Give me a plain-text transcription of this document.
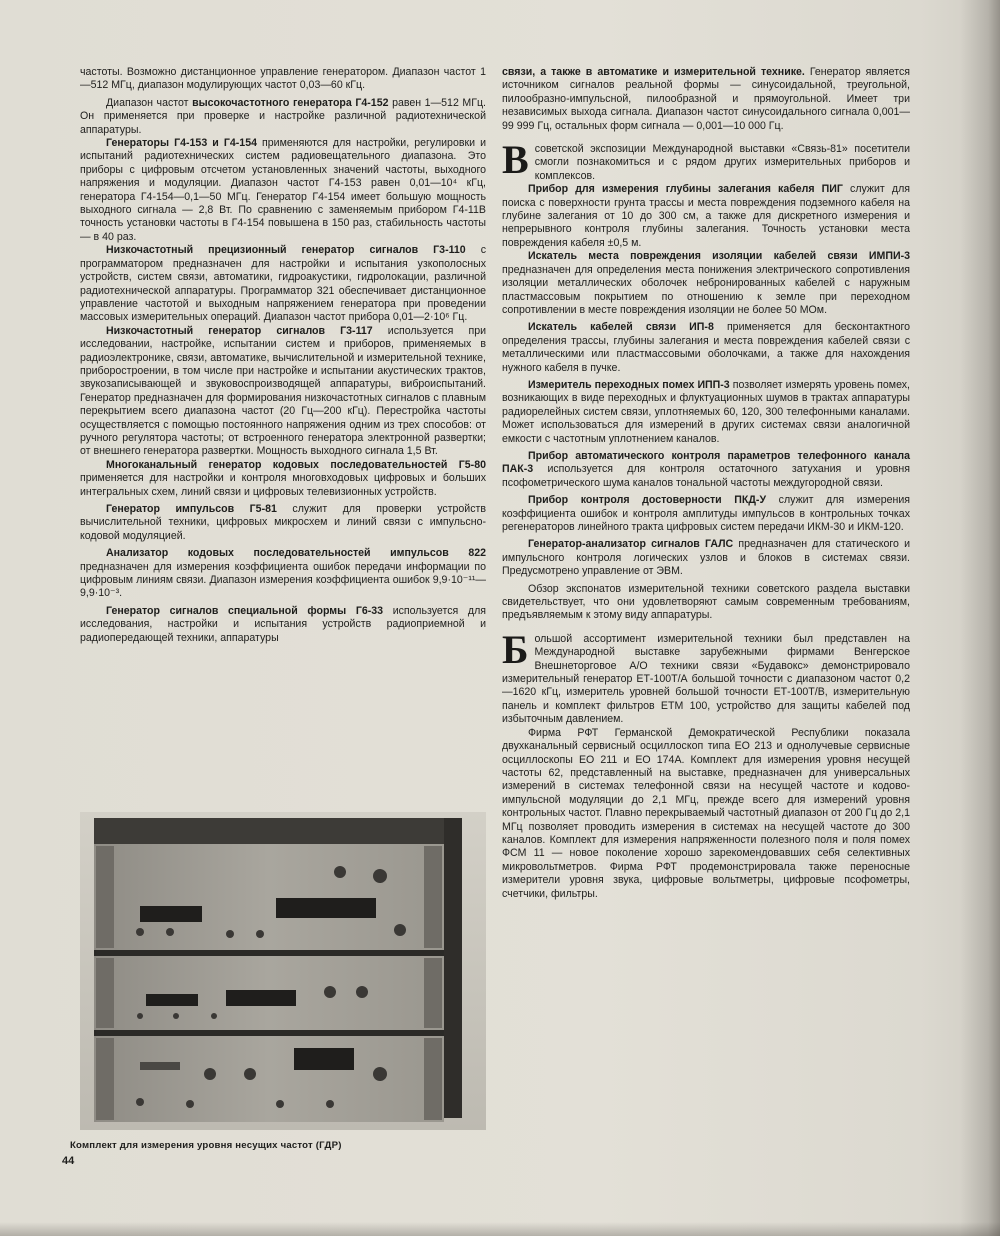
частоты. Возможно дистанционное управление генератором. Диапазон частот 1—512 МГц, диапазон модулирующих частот 0,03—60 кГц.

Диапазон частот высокочастотного генератора Г4-152 равен 1—512 МГц. Он применяется при проверке и настройке различной радиотехнической аппаратуры.

Генераторы Г4-153 и Г4-154 применяются для настройки, регулировки и испытаний радиотехнических систем радиовещательного диапазона. Это приборы с цифровым отсчетом установленных значений частоты, выходного напряжения и модуляции. Диапазон частот Г4-153 равен 0,01—10⁴ кГц, генератора Г4-154—0,1—50 МГц. Генератор Г4-154 имеет большую мощность выходного сигнала — 2,8 Вт. По сравнению с заменяемым прибором Г4-11В точность установки частоты в Г4-154 повышена в 150 раз, стабильность частоты — в 40 раз.

Низкочастотный прецизионный генератор сигналов Г3-110 с программатором предназначен для настройки и испытания узкополосных устройств, систем связи, автоматики, гидроакустики, гидролокации, различной радиотехнической аппаратуры. Программатор 321 обеспечивает дистанционное управление частотой и выходным напряжением генератора при проведении массовых измерительных операций. Диапазон частот прибора 0,01—2·10⁶ Гц.

Низкочастотный генератор сигналов Г3-117 используется при исследовании, настройке, испытании систем и приборов, применяемых в радиоэлектронике, связи, автоматике, вычислительной и измерительной технике, приборостроении, в том числе при настройке и испытании акустических трактов, звукозаписывающей и звуковоспроизводящей аппаратуры, виброиспытаний. Генератор предназначен для формирования низкочастотных сигналов с плавным перекрытием всего диапазона частот (20 Гц—200 кГц). Перестройка частоты осуществляется с помощью постоянного напряжения одним из трех способов: от ручного регулятора частоты; от встроенного генератора электронной развертки; от внешнего генератора развертки. Мощность выходного сигнала 1,5 Вт.

Многоканальный генератор кодовых последовательностей Г5-80 применяется для настройки и контроля многовходовых цифровых и больших интегральных схем, линий связи и цифровых телевизионных устройств.

Генератор импульсов Г5-81 служит для проверки устройств вычислительной техники, цифровых микросхем и линий связи с импульсно-кодовой модуляцией.

Анализатор кодовых последовательностей импульсов 822 предназначен для измерения коэффициента ошибок передачи информации по цифровым линиям связи. Диапазон измерения коэффициента ошибок 9,9·10⁻¹¹—9,9·10⁻³.

Генератор сигналов специальной формы Г6-33 используется для исследования, настройки и испытания устройств радиоприемной и радиопередающей техники, аппаратуры

связи, а также в автоматике и измерительной технике. Генератор является источником сигналов реальной формы — синусоидальной, треугольной, пилообразно-импульсной, пилообразной и прямоугольной. Имеет три независимых выхода сигнала. Диапазон частот синусоидального сигнала 0,001—99 999 Гц, остальных форм сигнала — 0,001—10 000 Гц.

Всоветской экспозиции Международной выставки «Связь-81» посетители смогли познакомиться и с рядом других измерительных приборов и комплексов.

Прибор для измерения глубины залегания кабеля ПИГ служит для поиска с поверхности грунта трассы и места повреждения подземного кабеля на глубине залегания от 10 до 300 см, а также для дискретного измерения и непрерывного контроля глубины залегания. Точность установки места повреждения кабеля ±0,5 м.

Искатель места повреждения изоляции кабелей связи ИМПИ-3 предназначен для определения места понижения электрического сопротивления изоляции металлических оболочек небронированных кабелей с наружным пластмассовым покрытием по отношению к земле при переходном сопротивлении в месте повреждения изоляции не более 50 МОм.

Искатель кабелей связи ИП-8 применяется для бесконтактного определения трассы, глубины залегания и места повреждения кабелей связи с металлическими или пластмассовыми оболочками, а также для нахождения нужного кабеля в пучке.

Измеритель переходных помех ИПП-3 позволяет измерять уровень помех, возникающих в виде переходных и флуктуационных шумов в трактах аппаратуры радиорелейных систем связи, уплотняемых 60, 120, 300 телефонными каналами. Может использоваться для измерений в других системах связи аналогичной емкости с частотным уплотнением каналов.

Прибор автоматического контроля параметров телефонного канала ПАК-3 используется для контроля остаточного затухания и уровня псофометрического шума каналов тональной частоты междугородной связи.

Прибор контроля достоверности ПКД-У служит для измерения коэффициента ошибок и контроля амплитуды импульсов в контрольных точках регенераторов линейного тракта цифровых систем передачи ИКМ-30 и ИКМ-120.

Генератор-анализатор сигналов ГАЛС предназначен для статического и импульсного контроля логических узлов и блоков в системах связи. Предусмотрено управление от ЭВМ.

Обзор экспонатов измерительной техники советского раздела выставки свидетельствует, что они удовлетворяют самым современным требованиям, предъявляемым к этому виду аппаратуры.

Большой ассортимент измерительной техники был представлен на Международной выставке зарубежными фирмами Венгерское Внешнеторговое А/О техники связи «Будавокс» демонстрировало измерительный генератор ЕТ-100Т/А большой точности с диапазоном частот 0,2—1620 кГц, измеритель уровней большой точности ЕТ-100Т/В, измерительную панель и комплект фильтров ЕТМ 100, устройство для защиты кабелей под избыточным давлением.

Фирма РФТ Германской Демократической Республики показала двухканальный сервисный осциллоскоп типа ЕО 213 и однолучевые сервисные осциллоскопы ЕО 211 и ЕО 174А. Комплект для измерения уровня несущей частоты 62, представленный на выставке, предназначен для универсальных измерений в системах телефонной связи на несущей частоте и кодово-импульсной модуляции до 2,1 МГц, прежде всего для измерений уровня контрольных частот. Плавно перекрываемый частотный диапазон от 200 Гц до 2,1 МГц позволяет проводить измерения в системах на несущей частоте до 300 каналов. Комплект для измерения напряженности полезного поля и поля помех ФСМ 11 — новое поколение хорошо зарекомендовавших себя селективных микровольтметров. Фирма РФТ продемонстрировала также переносные измерители уровня звука, цифровые вольтметры, цифровые псофометры, счетчики, фильтры.

Комплект для измерения уровня несущих частот (ГДР)
44
